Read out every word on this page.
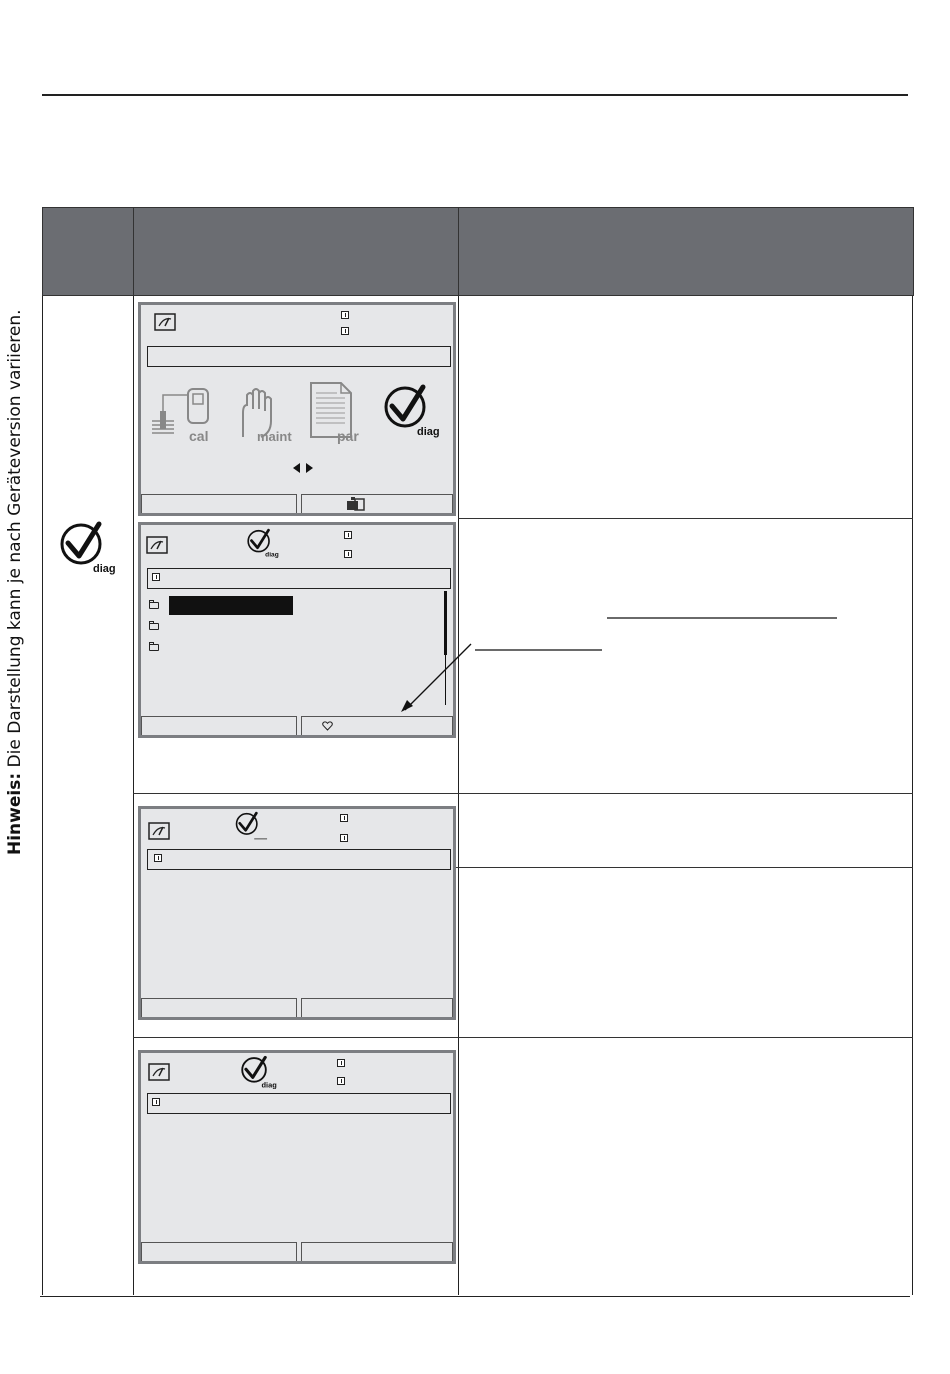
Hinweis: Die Darstellung kann je nach Geräteversion variieren.	diag
cal	maint	par	diag
diag
diag
